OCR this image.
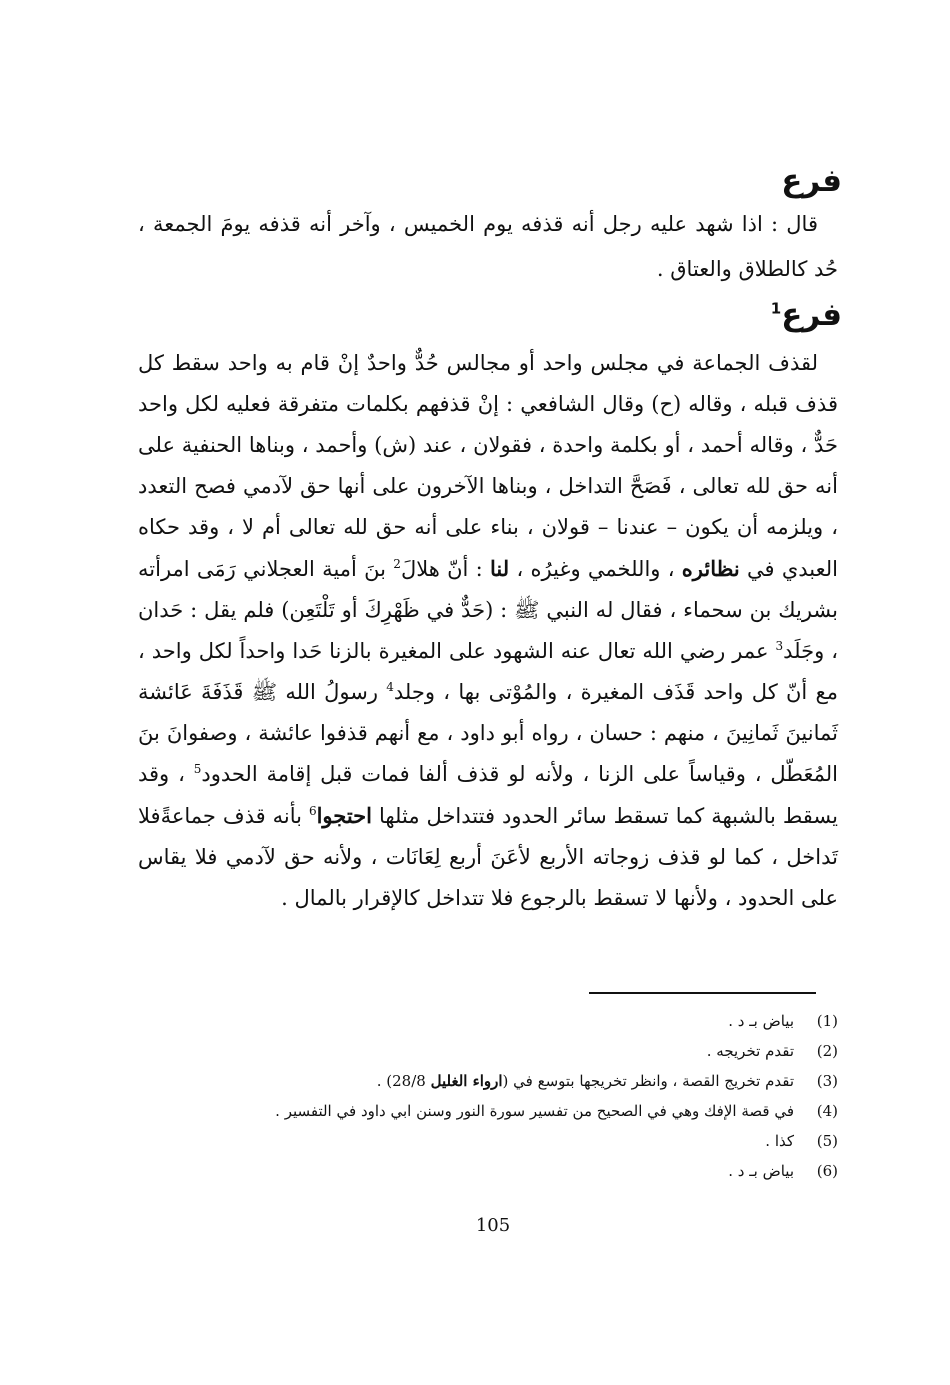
فرع
قال : اذا شهد عليه رجل أنه قذفه يوم الخميس ، وآخر أنه قذفه يومَ الجمعة ، حُد كالطلاق والعتاق .
فرع$^1$
لقذف الجماعة في مجلس واحد أو مجالس حُدٌّ واحدٌ إنْ قام به واحد سقط كل قذف قبله ، وقاله (ح) وقال الشافعي : إنْ قذفهم بكلمات متفرقة فعليه لكل واحد حَدٌّ ، وقاله أحمد ، أو بكلمة واحدة ، فقولان ، عند (ش) وأحمد ، وبناها الحنفية على أنه حق لله تعالى ، فَصَحَّ التداخل ، وبناها الآخرون على أنها حق لآدمي فصح التعدد ، ويلزمه أن يكون – عندنا – قولان ، بناء على أنه حق لله تعالى أم لا ، وقد حكاه العبدي في نظائره ، واللخمي وغيرُه ، لنا : أنّ هلالَ$^2$ بنَ أمية العجلاني رَمَى امرأته بشريك بن سحماء ، فقال له النبي ﷺ : (حَدٌّ في ظَهْرِكَ أو تَلْتَعِن) فلم يقل : حَدان ، وجَلَد$^3$ عمر رضي الله تعال عنه الشهود على المغيرة بالزنا حَدا واحداً لكل واحد ، مع أنّ كل واحد قَذَف المغيرة ، والمُوْتى بها ، وجلد$^4$ رسولُ الله ﷺ قَذَفَةَ عَائشة ثَمانينَ ثَمانِينَ ، منهم : حسان ، رواه أبو داود ، مع أنهم قذفوا عائشة ، وصفوانَ بنَ المُعَطّل ، وقياساً على الزنا ، ولأنه لو قذف ألفا فمات قبل إقامة الحدود$^5$ ، وقد يسقط بالشبهة كما تسقط سائر الحدود فتتداخل مثلها احتجوا$^6$ بأنه قذف جماعةًفلا تَداخل ، كما لو قذف زوجاته الأربع لأعَنَ أربع لِعَانَات ، ولأنه حق لآدمي فلا يقاس على الحدود ، ولأنها لا تسقط بالرجوع فلا تتداخل كالإقرار بالمال .
(1)
بياض بـ د .
(2)
تقدم تخريجه .
(3)
تقدم تخريج القصة ، وانظر تخريجها بتوسع في (ارواء الغليل 28/8) .
(4)
في قصة الإفك وهي في الصحيح من تفسير سورة النور وسنن ابي داود في التفسير .
(5)
كذا .
(6)
بياض بـ د .
105
